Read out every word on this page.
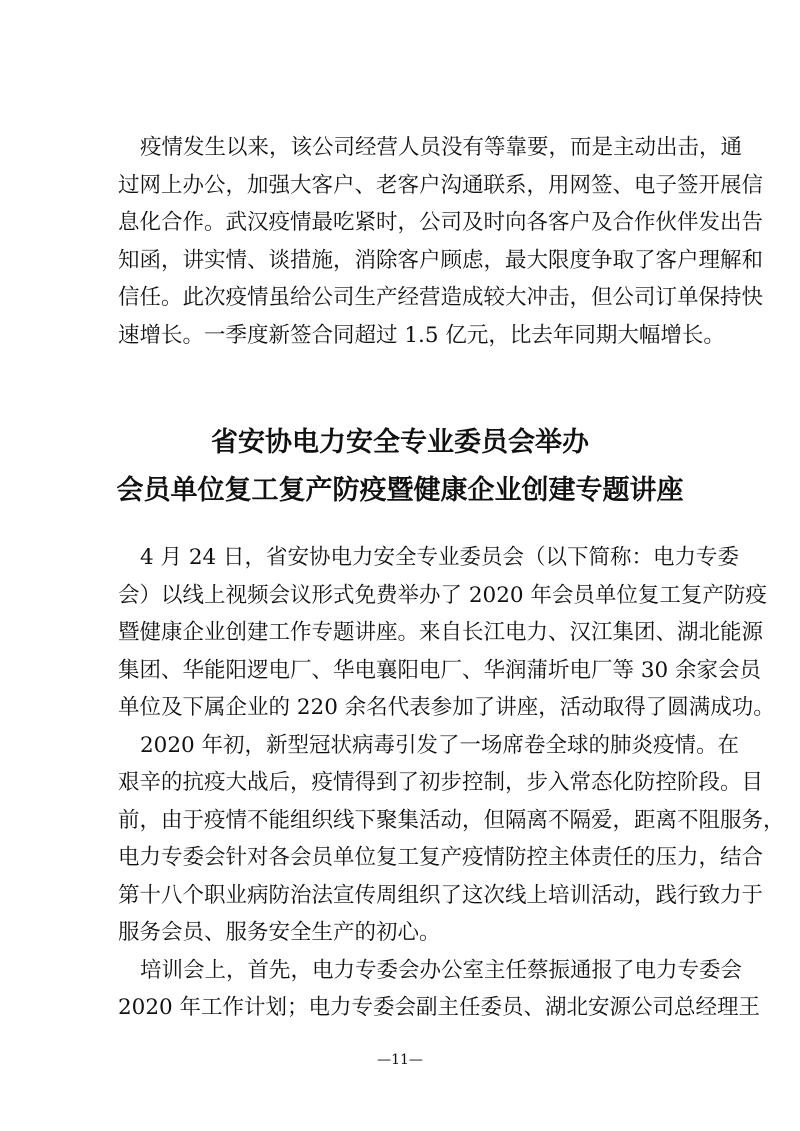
疫情发生以来，该公司经营人员没有等靠要，而是主动出击，通
过网上办公，加强大客户、老客户沟通联系，用网签、电子签开展信
息化合作。武汉疫情最吃紧时，公司及时向各客户及合作伙伴发出告
知函，讲实情、谈措施，消除客户顾虑，最大限度争取了客户理解和
信任。此次疫情虽给公司生产经营造成较大冲击，但公司订单保持快
速增长。一季度新签合同超过 1.5 亿元，比去年同期大幅增长。
省安协电力安全专业委员会举办
会员单位复工复产防疫暨健康企业创建专题讲座
4 月 24 日，省安协电力安全专业委员会（以下简称：电力专委
会）以线上视频会议形式免费举办了 2020 年会员单位复工复产防疫
暨健康企业创建工作专题讲座。来自长江电力、汉江集团、湖北能源
集团、华能阳逻电厂、华电襄阳电厂、华润蒲圻电厂等 30 余家会员
单位及下属企业的 220 余名代表参加了讲座，活动取得了圆满成功。
2020 年初，新型冠状病毒引发了一场席卷全球的肺炎疫情。在
艰辛的抗疫大战后，疫情得到了初步控制，步入常态化防控阶段。目
前，由于疫情不能组织线下聚集活动，但隔离不隔爱，距离不阻服务，
电力专委会针对各会员单位复工复产疫情防控主体责任的压力，结合
第十八个职业病防治法宣传周组织了这次线上培训活动，践行致力于
服务会员、服务安全生产的初心。
培训会上，首先，电力专委会办公室主任蔡振通报了电力专委会
2020 年工作计划；电力专委会副主任委员、湖北安源公司总经理王
—11—
